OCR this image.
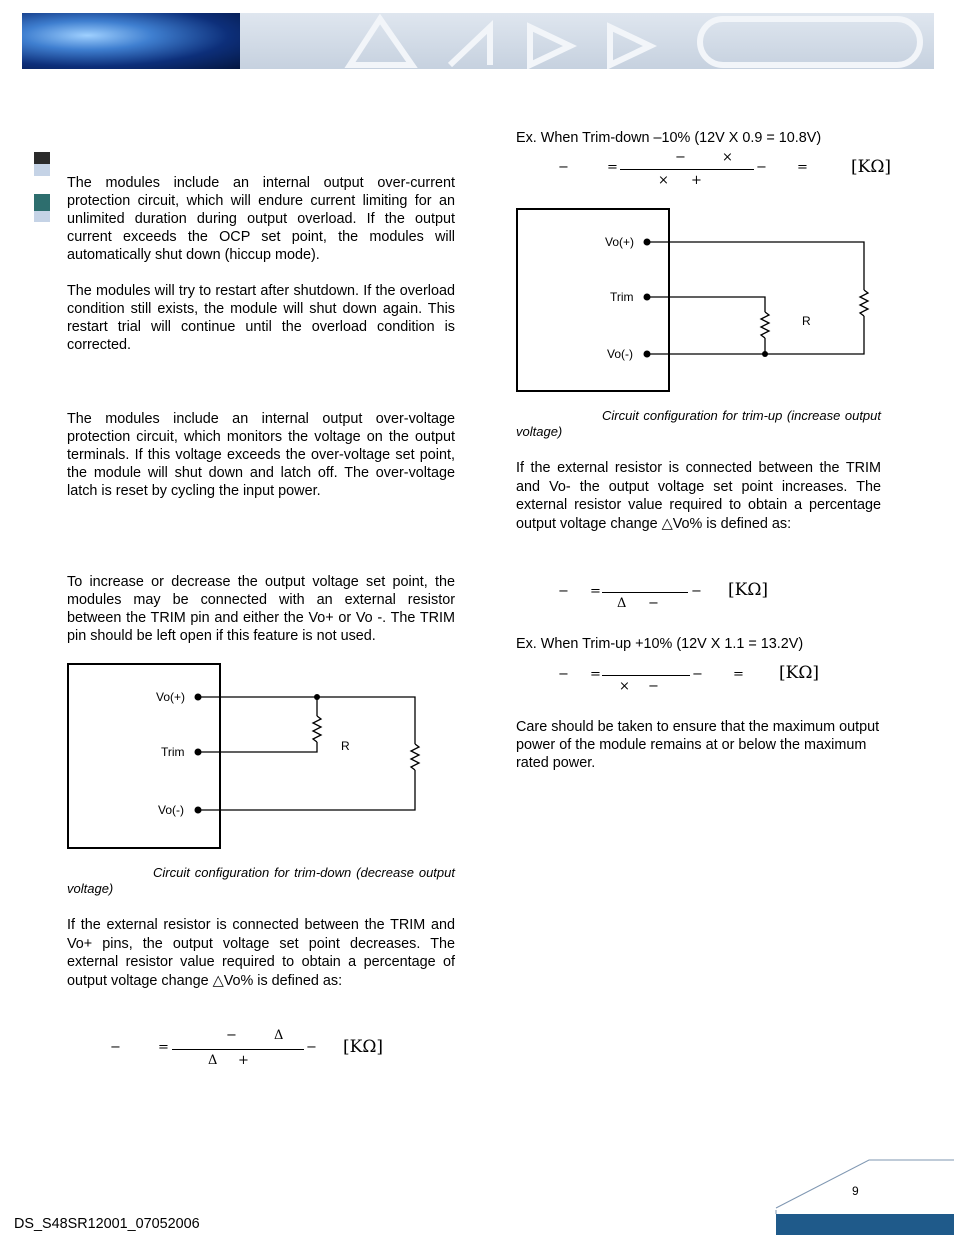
The modules include an internal output over-current protection circuit, which will endure current limiting for an unlimited duration during output overload. If the output current exceeds the OCP set point, the modules will automatically shut down (hiccup mode).

The modules will try to restart after shutdown. If the overload condition still exists, the module will shut down again. This restart trial will continue until the overload condition is corrected.

The modules include an internal output over-voltage protection circuit, which monitors the voltage on the output terminals. If this voltage exceeds the over-voltage set point, the module will shut down and latch off. The over-voltage latch is reset by cycling the input power.

To increase or decrease the output voltage set point, the modules may be connected with an external resistor between the TRIM pin and either the Vo+ or Vo -. The TRIM pin should be left open if this feature is not used.

Vo(+)
Trim
Vo(-)
R
Circuit configuration for trim-down (decrease output voltage)

If the external resistor is connected between the TRIM and Vo+ pins, the output voltage set point decreases. The external resistor value required to obtain a percentage of output voltage change △Vo% is defined as:

−	=
−	Δ
−
Δ +
[KΩ]

Ex. When Trim-down –10% (12V X 0.9 = 10.8V)

−	=
−	×
−
× +
=	[KΩ]
Vo(+)
Trim
Vo(-)
R
Circuit configuration for trim-up (increase output voltage)

If the external resistor is connected between the TRIM and Vo- the output voltage set point increases. The external resistor value required to obtain a percentage output voltage change △Vo% is defined as:

− =	−
Δ −
[KΩ]

Ex. When Trim-up +10% (12V X 1.1 = 13.2V)

− =	−
× −
= [KΩ]

Care should be taken to ensure that the maximum output power of the module remains at or below the maximum rated power.

9
DS_S48SR12001_07052006
